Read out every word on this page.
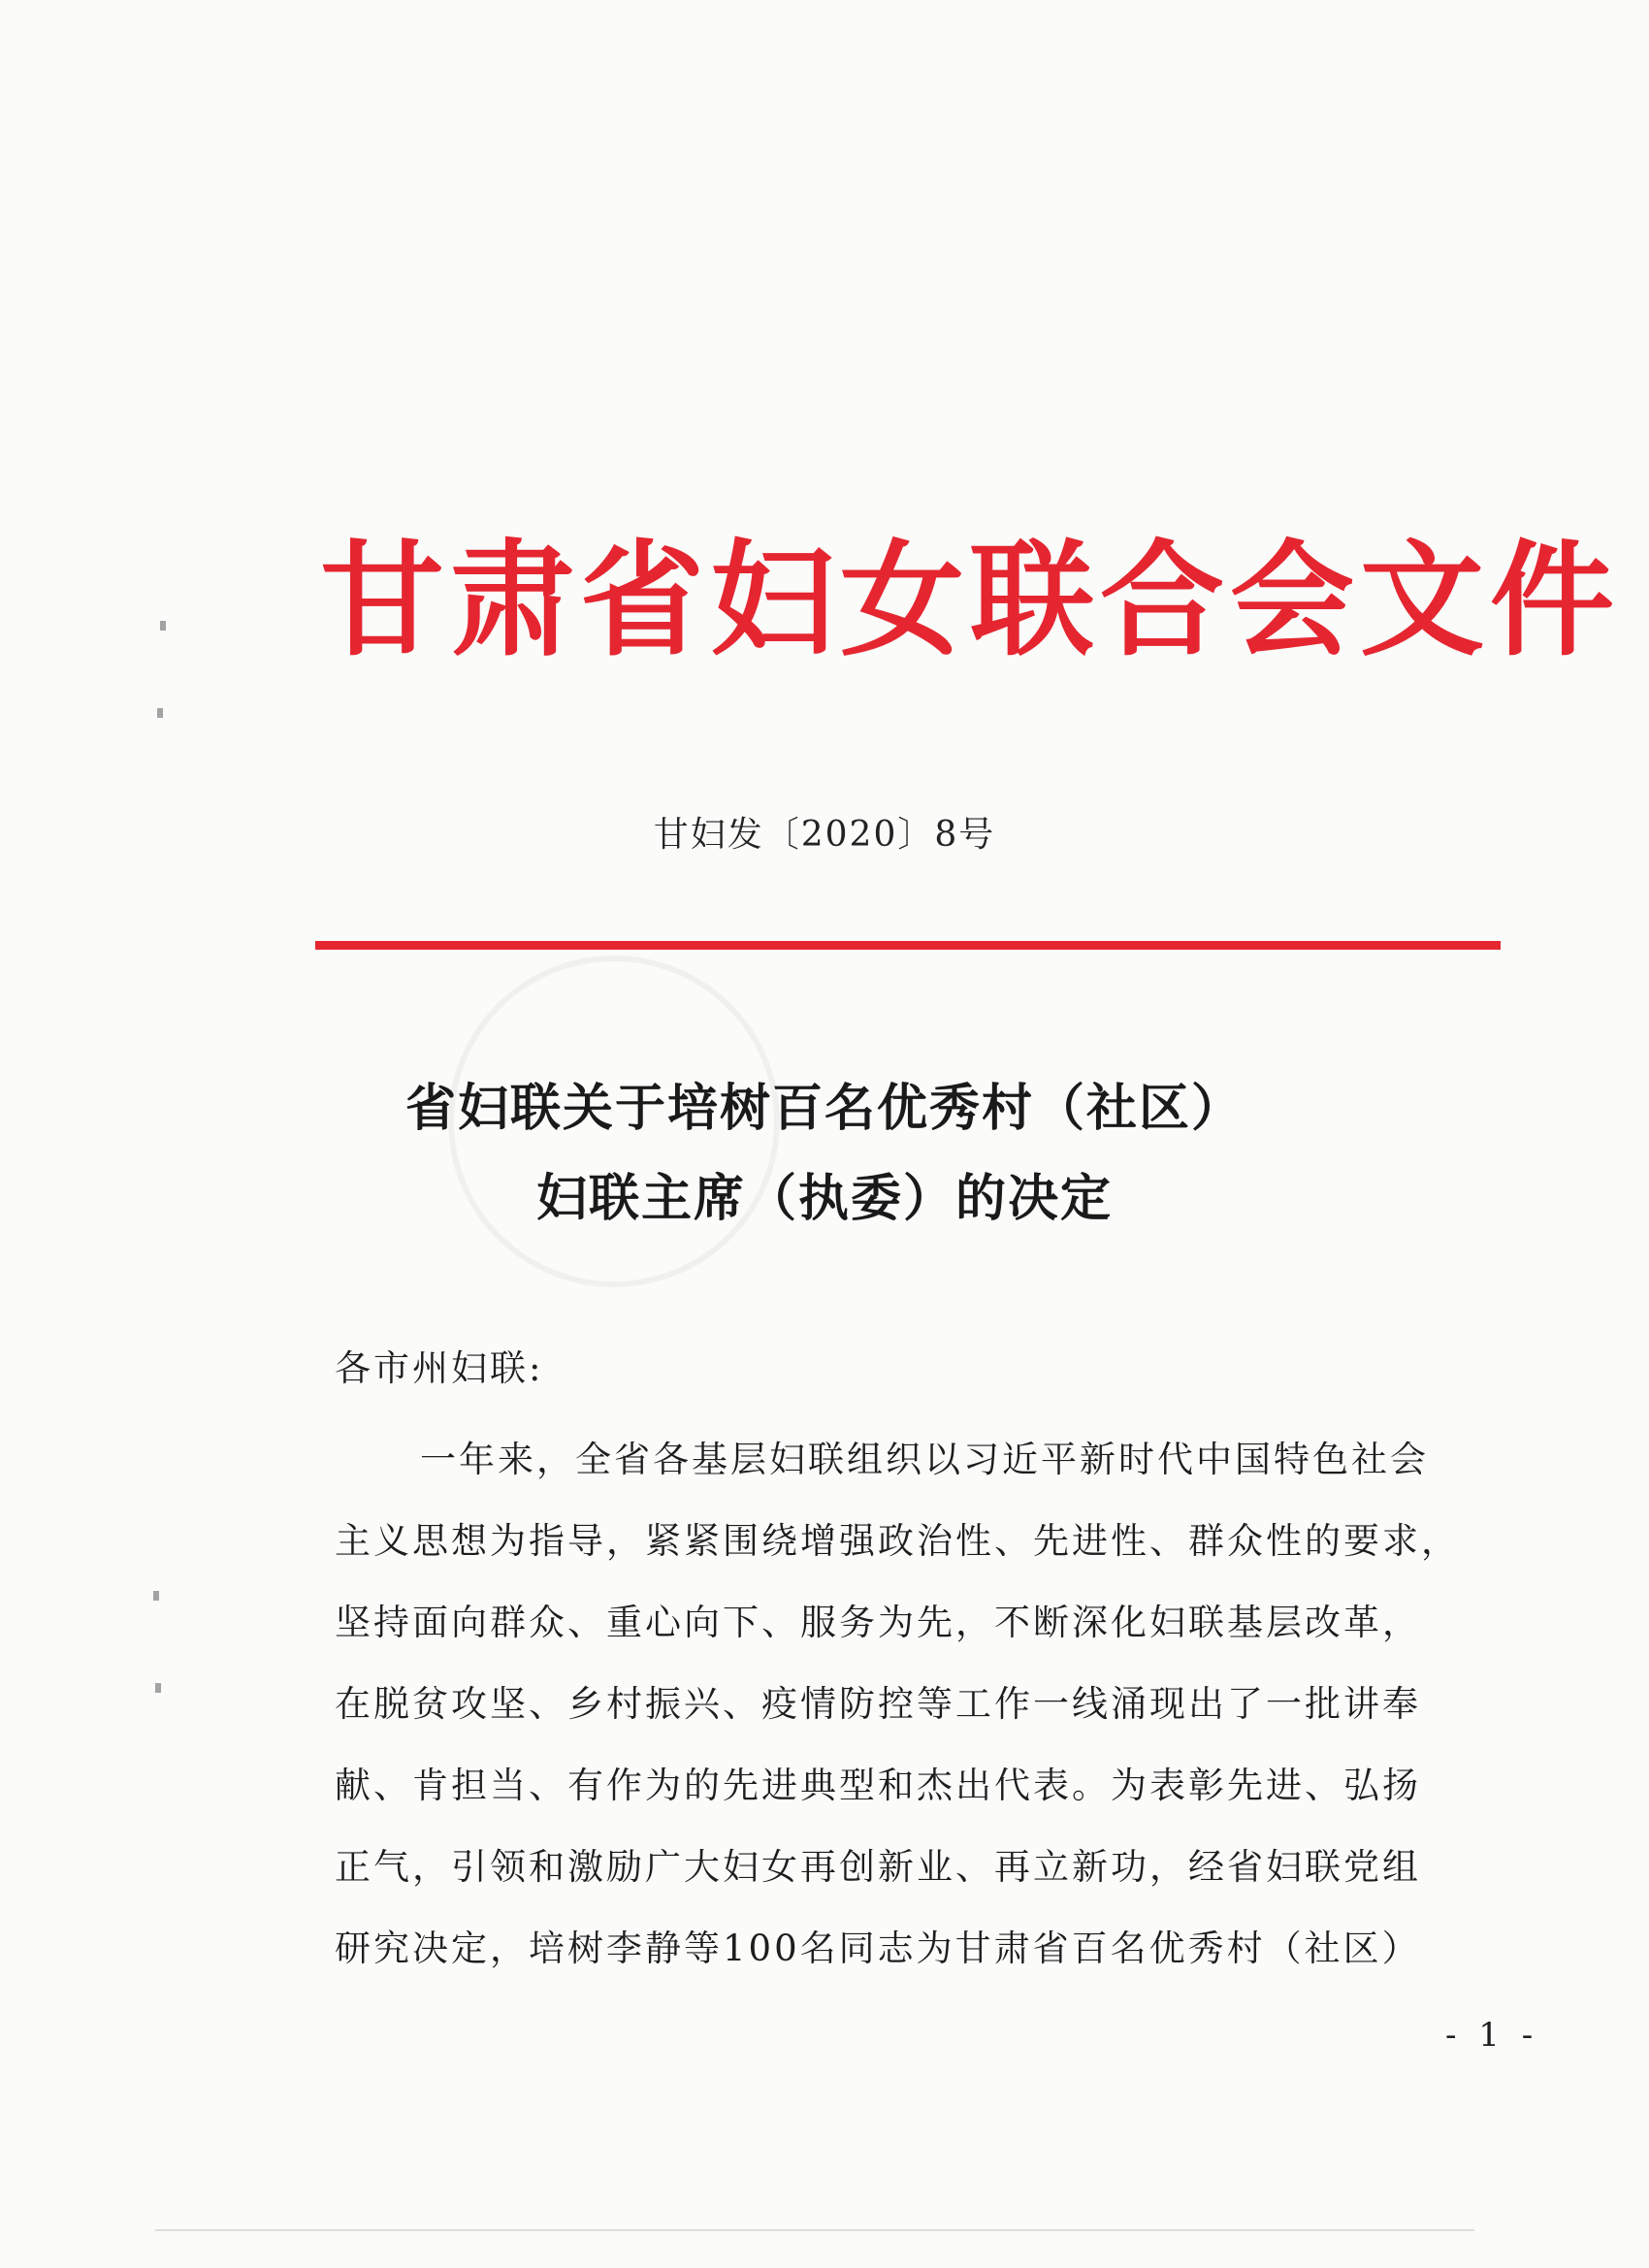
甘肃省妇女联合会文件
甘妇发〔2020〕8号
省妇联关于培树百名优秀村（社区）
妇联主席（执委）的决定
各市州妇联:
一年来，全省各基层妇联组织以习近平新时代中国特色社会
主义思想为指导，紧紧围绕增强政治性、先进性、群众性的要求，
坚持面向群众、重心向下、服务为先，不断深化妇联基层改革，
在脱贫攻坚、乡村振兴、疫情防控等工作一线涌现出了一批讲奉
献、肯担当、有作为的先进典型和杰出代表。为表彰先进、弘扬
正气，引领和激励广大妇女再创新业、再立新功，经省妇联党组
研究决定，培树李静等100名同志为甘肃省百名优秀村（社区）
- 1 -
